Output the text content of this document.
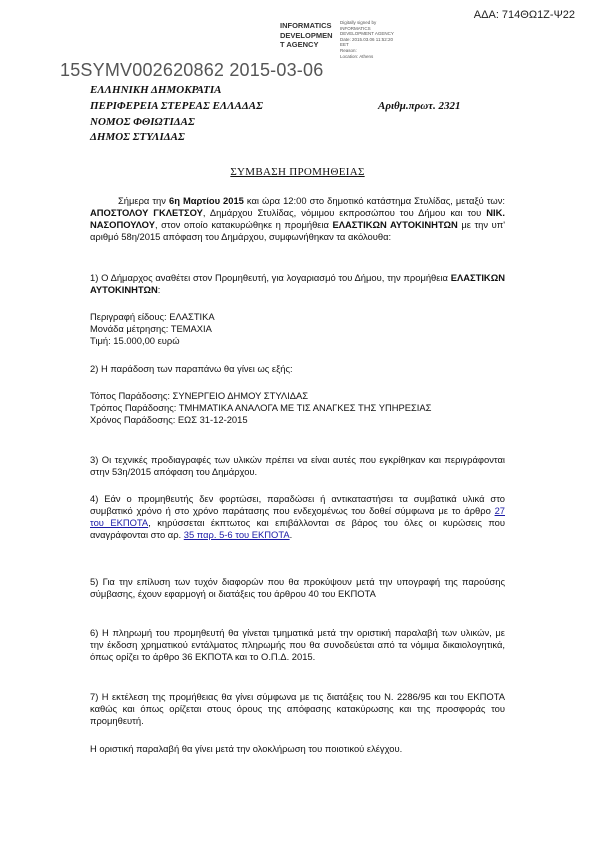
ΑΔΑ: 714ΘΩ1Ζ-Ψ22
INFORMATICS
DEVELOPMEN
T AGENCY
Digitally signed by
INFORMATICS
DEVELOPMENT AGENCY
Date: 2015.03.06 11:52:20
EET
Reason:
Location: Athens
15SYMV002620862 2015-03-06
ΕΛΛΗΝΙΚΗ ΔΗΜΟΚΡΑΤΙΑ
ΠΕΡΙΦΕΡΕΙΑ ΣΤΕΡΕΑΣ ΕΛΛΑΔΑΣ	Αριθμ.πρωτ. 2321
ΝΟΜΟΣ ΦΘΙΩΤΙΔΑΣ
ΔΗΜΟΣ ΣΤΥΛΙΔΑΣ
ΣΥΜΒΑΣΗ ΠΡΟΜΗΘΕΙΑΣ
Σήμερα την 6η Μαρτίου 2015 και ώρα 12:00 στο δημοτικό κατάστημα Στυλίδας, μεταξύ των: ΑΠΟΣΤΟΛΟΥ ΓΚΛΕΤΣΟΥ, Δημάρχου Στυλίδας, νόμιμου εκπροσώπου του Δήμου και του ΝΙΚ. ΝΑΣΟΠΟΥΛΟΥ, στον οποίο κατακυρώθηκε η προμήθεια ΕΛΑΣΤΙΚΩΝ ΑΥΤΟΚΙΝΗΤΩΝ με την υπ' αριθμό 58η/2015 απόφαση του Δημάρχου, συμφωνήθηκαν τα ακόλουθα:
1) Ο Δήμαρχος αναθέτει στον Προμηθευτή, για λογαριασμό του Δήμου, την προμήθεια ΕΛΑΣΤΙΚΩΝ ΑΥΤΟΚΙΝΗΤΩΝ:
Περιγραφή είδους: ΕΛΑΣΤΙΚΑ
Μονάδα μέτρησης: ΤΕΜΑΧΙΑ
Τιμή: 15.000,00 ευρώ
2) Η παράδοση των παραπάνω θα γίνει ως εξής:
Τόπος Παράδοσης: ΣΥΝΕΡΓΕΙΟ ΔΗΜΟΥ ΣΤΥΛΙΔΑΣ
Τρόπος Παράδοσης: ΤΜΗΜΑΤΙΚΑ ΑΝΑΛΟΓΑ ΜΕ ΤΙΣ ΑΝΑΓΚΕΣ ΤΗΣ ΥΠΗΡΕΣΙΑΣ
Χρόνος Παράδοσης: ΕΩΣ 31-12-2015
3) Οι τεχνικές προδιαγραφές των υλικών πρέπει να είναι αυτές που εγκρίθηκαν και περιγράφονται στην 53η/2015 απόφαση του Δημάρχου.
4) Εάν ο προμηθευτής δεν φορτώσει, παραδώσει ή αντικαταστήσει τα συμβατικά υλικά στο συμβατικό χρόνο ή στο χρόνο παράτασης που ενδεχομένως του δοθεί σύμφωνα με το άρθρο 27 του ΕΚΠΟΤΑ, κηρύσσεται έκπτωτος και επιβάλλονται σε βάρος του όλες οι κυρώσεις που αναγράφονται στο αρ. 35 παρ. 5-6 του ΕΚΠΟΤΑ.
5) Για την επίλυση των τυχόν διαφορών που θα προκύψουν μετά την υπογραφή της παρούσης σύμβασης, έχουν εφαρμογή οι διατάξεις του άρθρου 40 του ΕΚΠΟΤΑ
6) Η πληρωμή του προμηθευτή θα γίνεται τμηματικά μετά την οριστική παραλαβή των υλικών, με την έκδοση χρηματικού εντάλματος πληρωμής που θα συνοδεύεται από τα νόμιμα δικαιολογητικά, όπως ορίζει το άρθρο 36 ΕΚΠΟΤΑ και το Ο.Π.Δ. 2015.
7) Η εκτέλεση της προμήθειας θα γίνει σύμφωνα με τις διατάξεις του Ν. 2286/95 και του ΕΚΠΟΤΑ καθώς και όπως ορίζεται στους όρους της απόφασης κατακύρωσης και της προσφοράς του προμηθευτή.
Η οριστική παραλαβή θα γίνει μετά την ολοκλήρωση του ποιοτικού ελέγχου.
